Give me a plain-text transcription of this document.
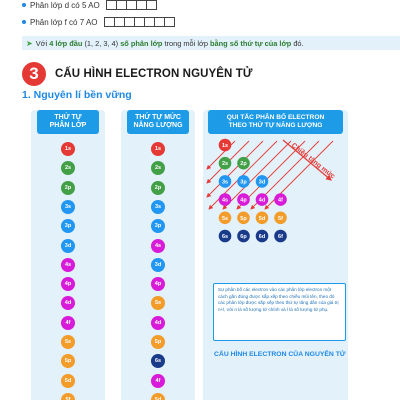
Phân lớp d có 5 AO
Phân lớp f có 7 AO
➤ Với
4 lớp đầu
(1, 2, 3, 4)
số phân lớp
trong mỗi lớp
bằng số thứ tự của lớp
đó.
3	CẤU HÌNH ELECTRON NGUYÊN TỬ
1. Nguyên lí bền vững
THỨ TỰ
PHÂN LỚP
1s
2s
2p
3s
3p
3d
4s
4p
4d
4f
5s
5p
5d
5f
THỨ TỰ MỨC
NĂNG LƯỢNG
1s
2s
2p
3s
3p
4s
3d
4p
5s
4d
5p
6s
4f
5d
QUI TẮC PHÂN BỐ ELECTRON
THEO THỨ TỰ NĂNG LƯỢNG
1s
2s 2p
3s 3p 3d
4s 4p 4d 4f
5s 5p 5d 5f
6s 6p 6d 6f
Chiều tăng mức
Sự phân bố các electron vào các phân lớp electron một cách gần đúng được sắp xếp theo chiều mũi tên, theo đó các phân lớp được sắp xếp theo thứ tự tăng dần của giá trị n+l, với n là số lượng tử chính và l là số lượng tử phụ.
CẤU HÌNH ELECTRON CỦA NGUYÊN TỬ
